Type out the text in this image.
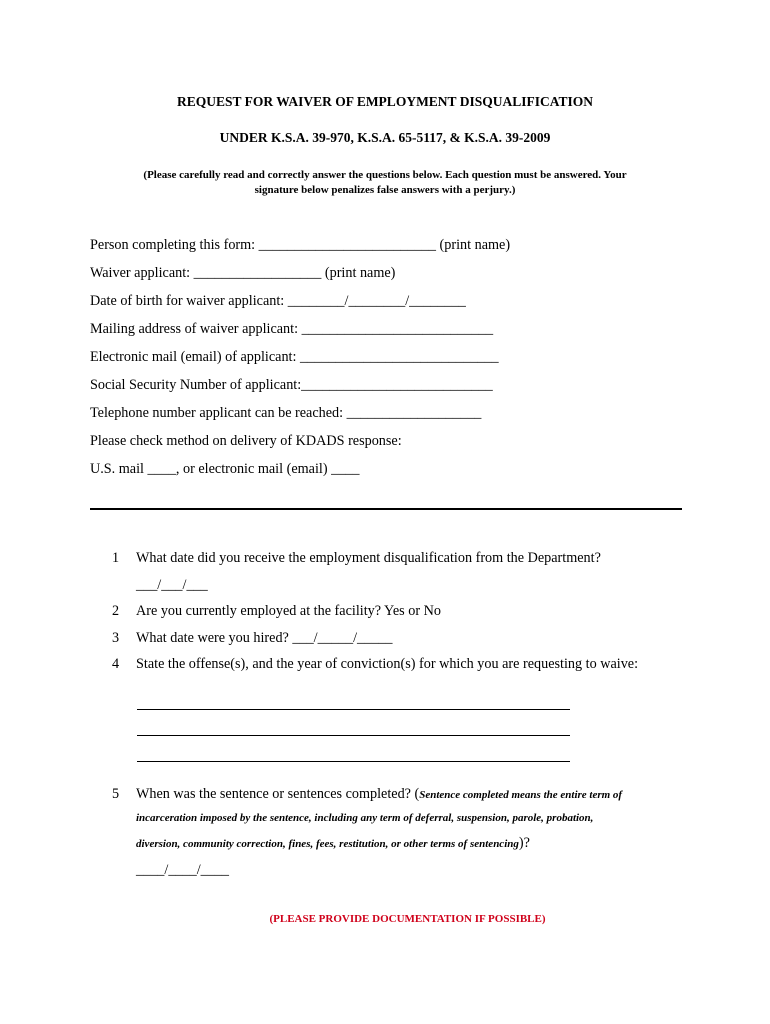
REQUEST FOR WAIVER OF EMPLOYMENT DISQUALIFICATION
UNDER K.S.A. 39-970, K.S.A. 65-5117, & K.S.A. 39-2009
(Please carefully read and correctly answer the questions below. Each question must be answered. Your
signature below penalizes false answers with a perjury.)
Person completing this form: _________________________ (print name)
Waiver applicant: __________________ (print name)
Date of birth for waiver applicant: ________/________/________
Mailing address of waiver applicant: ___________________________
Electronic mail (email) of applicant: ____________________________
Social Security Number of applicant:___________________________
Telephone number applicant can be reached: ___________________
Please check method on delivery of KDADS response:
U.S. mail ____, or electronic mail (email) ____
1 What date did you receive the employment disqualification from the Department?
___/___/___
2 Are you currently employed at the facility? Yes or No
3 What date were you hired? ___/_____/_____
4 State the offense(s), and the year of conviction(s) for which you are requesting to waive:
5 When was the sentence or sentences completed? (Sentence completed means the entire term of
incarceration imposed by the sentence, including any term of deferral, suspension, parole, probation,
diversion, community correction, fines, fees, restitution, or other terms of sentencing)?
____/____/____
(PLEASE PROVIDE DOCUMENTATION IF POSSIBLE)
